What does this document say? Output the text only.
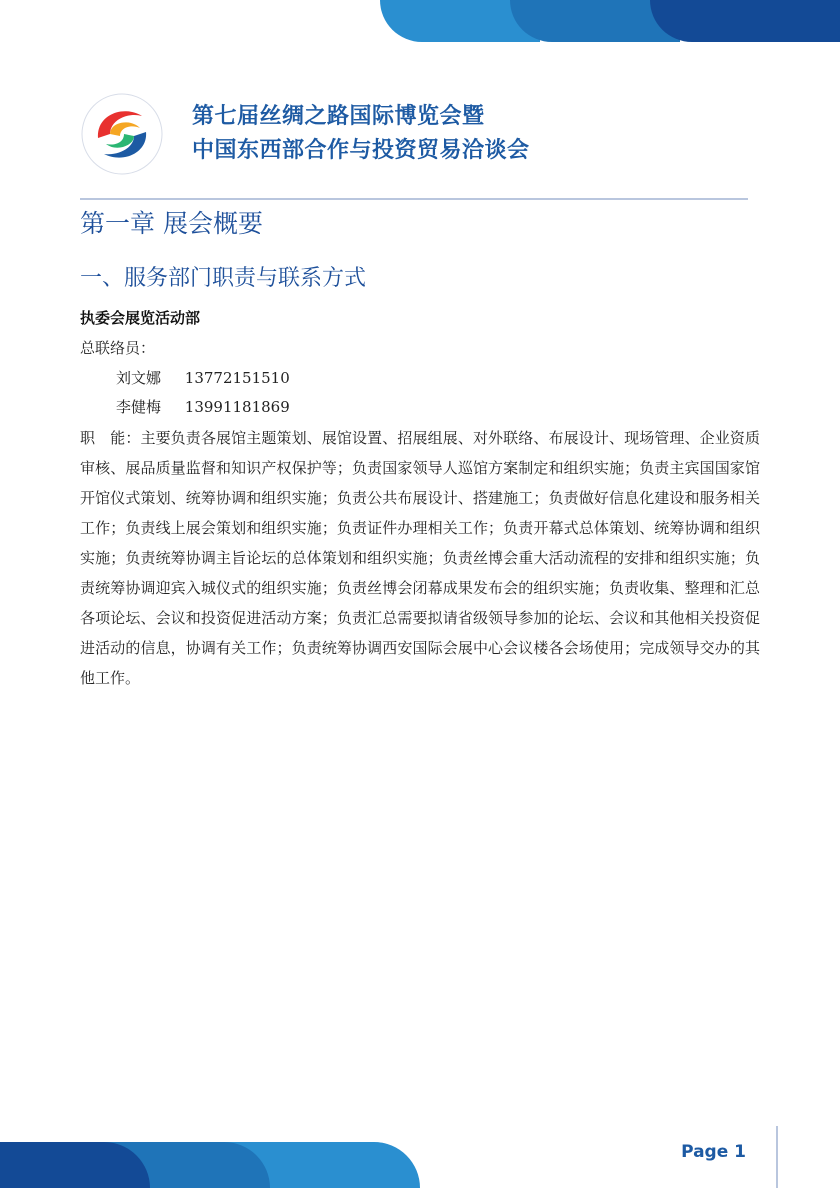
第七届丝绸之路国际博览会暨
中国东西部合作与投资贸易洽谈会
第一章 展会概要
一、服务部门职责与联系方式
执委会展览活动部
总联络员：
刘文娜 13772151510
李健梅 13991181869
职　能：主要负责各展馆主题策划、展馆设置、招展组展、对外联络、布展设计、现场管理、企业资质审核、展品质量监督和知识产权保护等；负责国家领导人巡馆方案制定和组织实施；负责主宾国国家馆开馆仪式策划、统筹协调和组织实施；负责公共布展设计、搭建施工；负责做好信息化建设和服务相关工作；负责线上展会策划和组织实施；负责证件办理相关工作；负责开幕式总体策划、统筹协调和组织实施；负责统筹协调主旨论坛的总体策划和组织实施；负责丝博会重大活动流程的安排和组织实施；负责统筹协调迎宾入城仪式的组织实施；负责丝博会闭幕成果发布会的组织实施；负责收集、整理和汇总各项论坛、会议和投资促进活动方案；负责汇总需要拟请省级领导参加的论坛、会议和其他相关投资促进活动的信息，协调有关工作；负责统筹协调西安国际会展中心会议楼各会场使用；完成领导交办的其他工作。
Page 1
